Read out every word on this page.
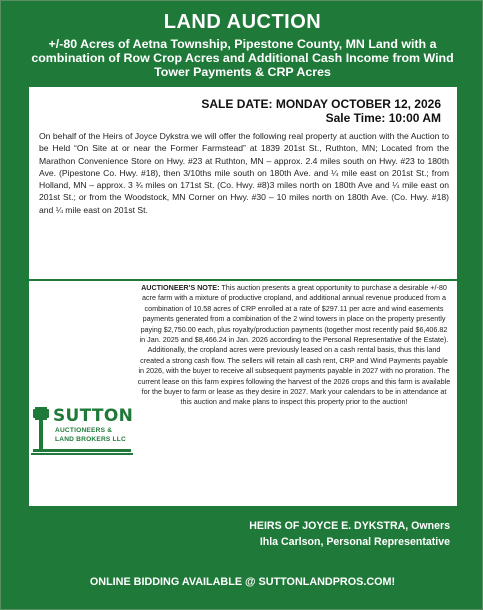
LAND AUCTION
+/-80 Acres of Aetna Township, Pipestone County, MN Land with a combination of Row Crop Acres and Additional Cash Income from Wind Tower Payments & CRP Acres
SALE DATE: MONDAY OCTOBER 12, 2026
Sale Time: 10:00 AM
On behalf of the Heirs of Joyce Dykstra we will offer the following real property at auction with the Auction to be Held “On Site at or near the Former Farmstead” at 1839 201st St., Ruthton, MN; Located from the Marathon Convenience Store on Hwy. #23 at Ruthton, MN – approx. 2.4 miles south on Hwy. #23 to 180th Ave. (Pipestone Co. Hwy. #18), then 3/10ths mile south on 180th Ave. and ¼ mile east on 201st St.; from Holland, MN – approx. 3 ¾ miles on 171st St. (Co. Hwy. #8)3 miles north on 180th Ave and ¼ mile east on 201st St.; or from the Woodstock, MN Corner on Hwy. #30 – 10 miles north on 180th Ave. (Co. Hwy. #18) and ¼ mile east on 201st St.
www.suttonlandpros.com
AUCTIONEER'S NOTE: This auction presents a great opportunity to purchase a desirable +/-80 acre farm with a mixture of productive cropland, and additional annual revenue produced from a combination of 10.58 acres of CRP enrolled at a rate of $297.11 per acre and wind easements payments generated from a combination of the 2 wind towers in place on the property presently paying $2,750.00 each, plus royalty/production payments (together most recently paid $6,406.82 in Jan. 2025 and $8,466.24 in Jan. 2026 according to the Personal Representative of the Estate). Additionally, the cropland acres were previously leased on a cash rental basis, thus this land created a strong cash flow. The sellers will retain all cash rent, CRP and Wind Payments payable in 2026, with the buyer to receive all subsequent payments payable in 2027 with no proration. The current lease on this farm expires following the harvest of the 2026 crops and this farm is available for the buyer to farm or lease as they desire in 2027. Mark your calendars to be in attendance at this auction and make plans to inspect this property prior to the auction!
SUTTON
AUCTIONEERS &
LAND BROKERS LLC
HEIRS OF JOYCE E. DYKSTRA, Owners
Ihla Carlson, Personal Representative
ONLINE BIDDING AVAILABLE @ SUTTONLANDPROS.COM!
